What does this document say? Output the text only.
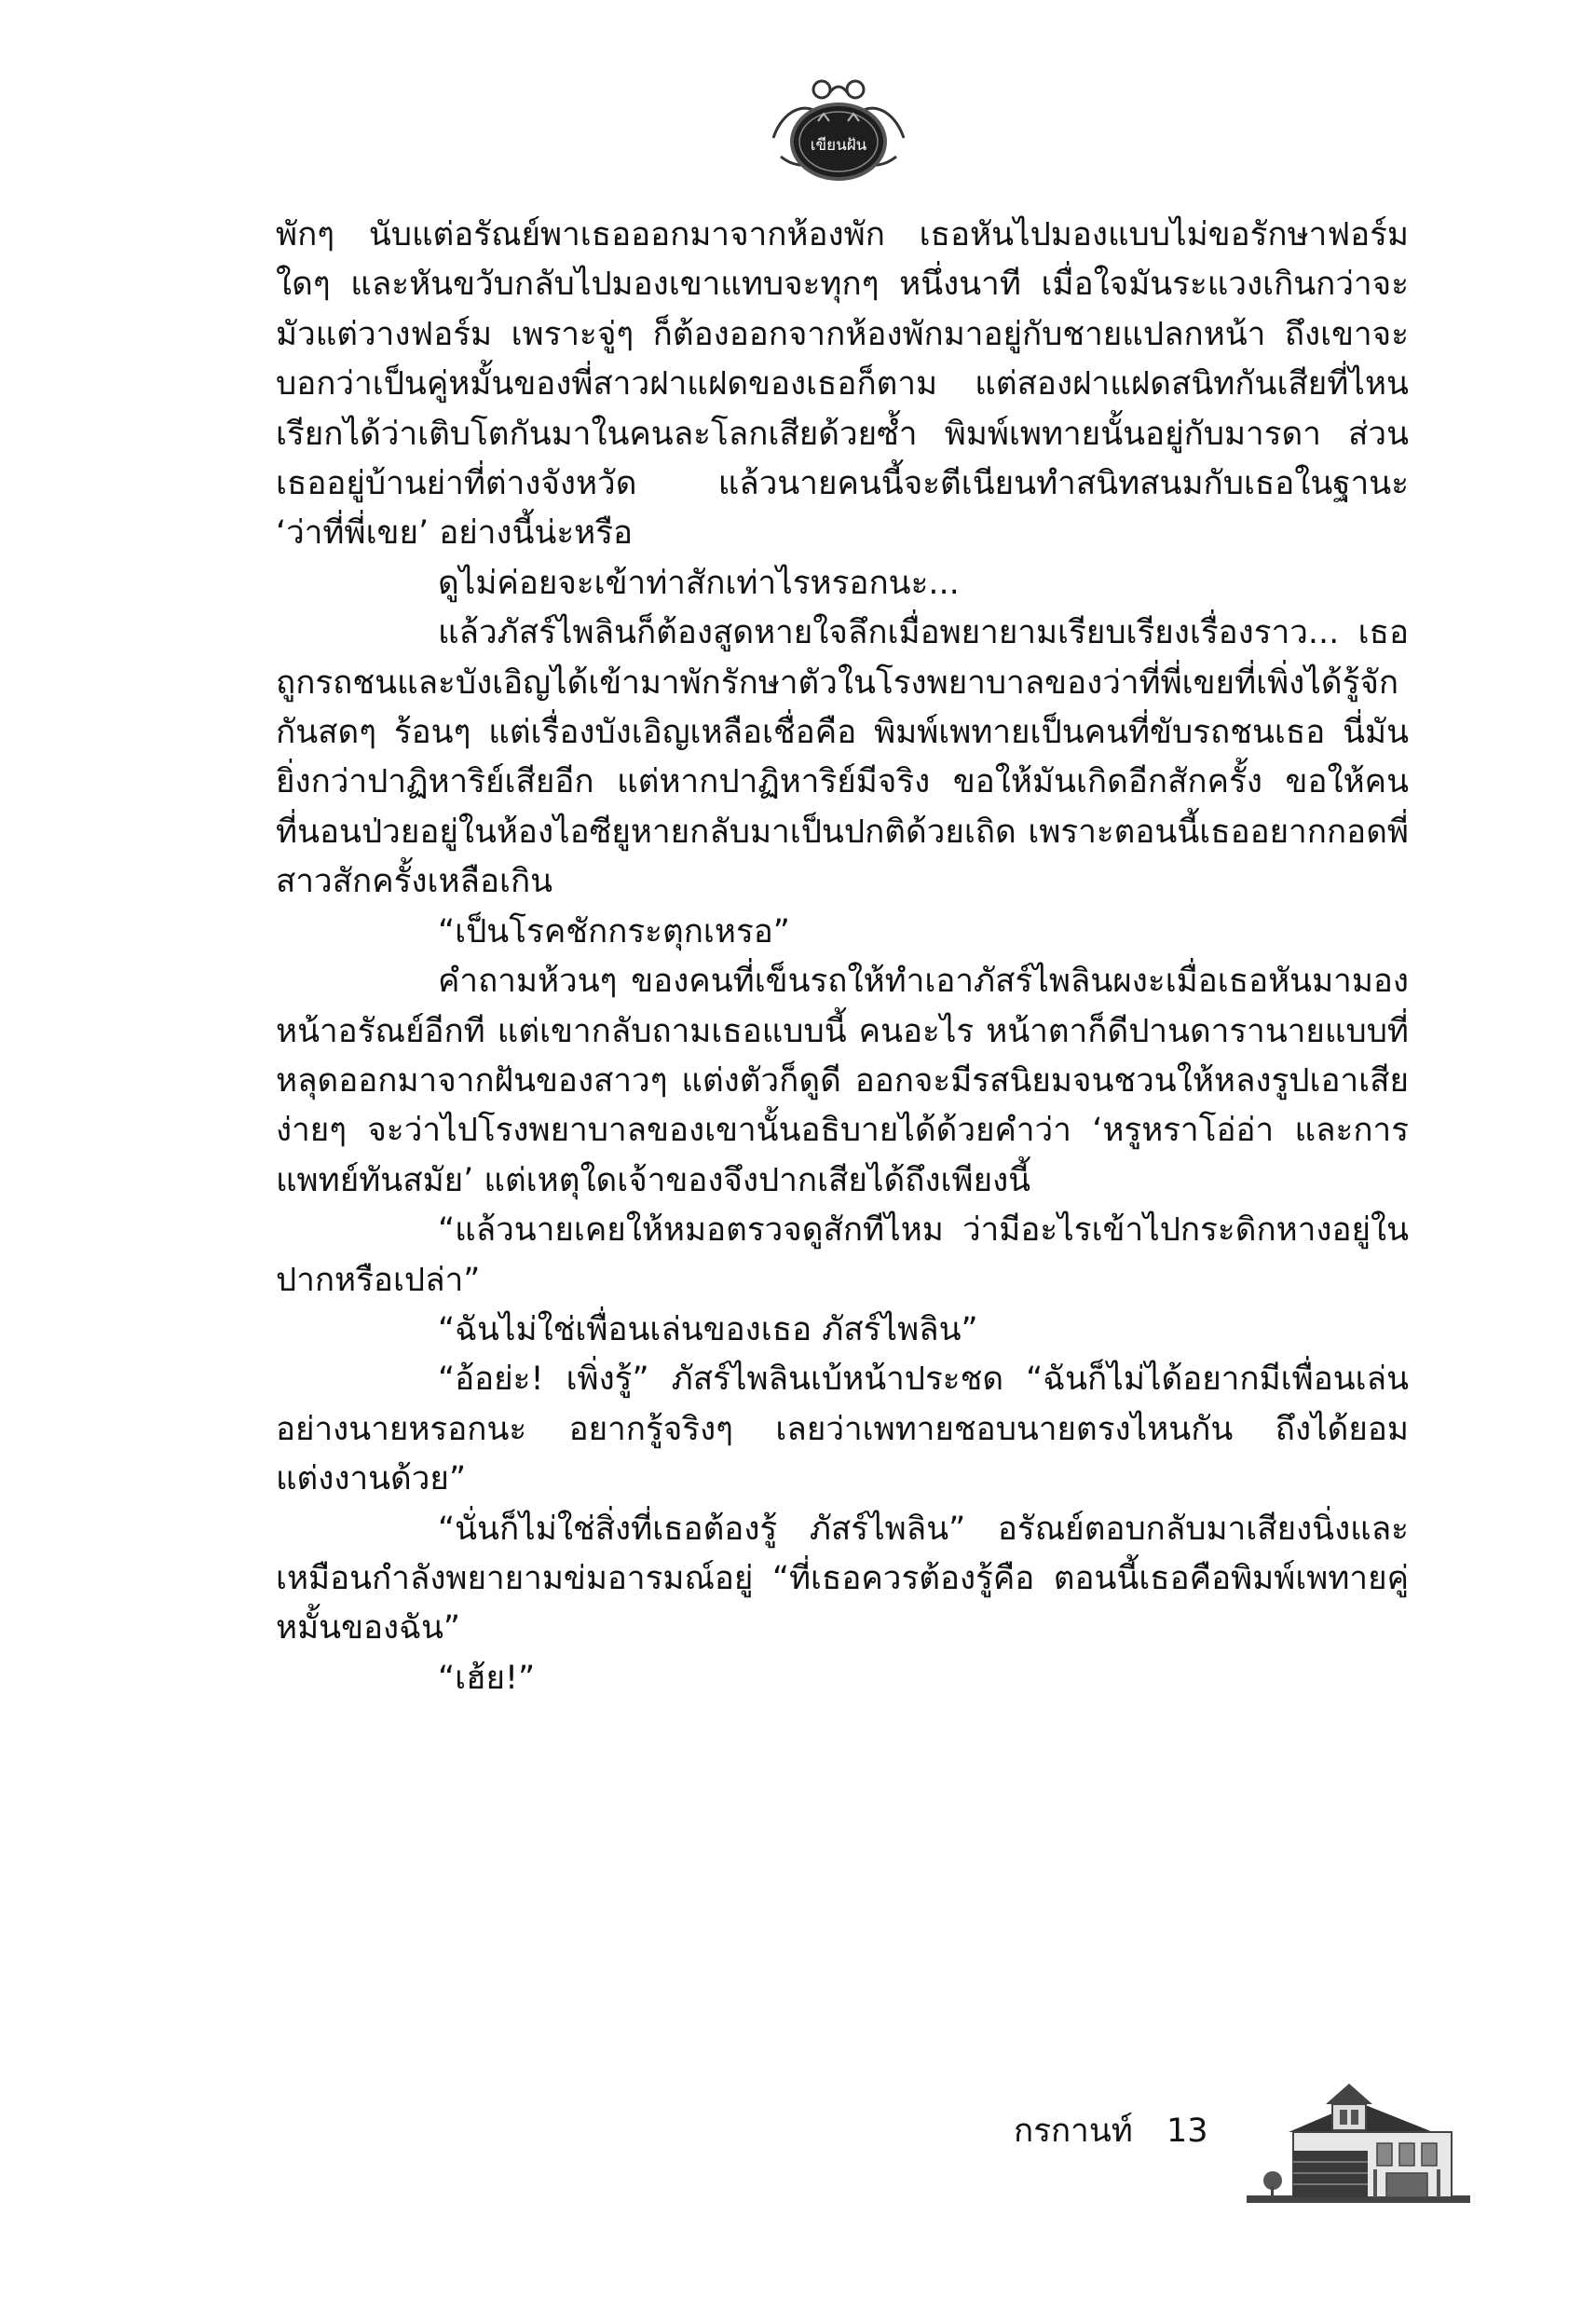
เขียนฝัน

พักๆ นับแต่อรัณย์พาเธอออกมาจากห้องพัก เธอหันไปมองแบบไม่ขอรักษาฟอร์มใดๆ และหันขวับกลับไปมองเขาแทบจะทุกๆ หนึ่งนาที เมื่อใจมันระแวงเกินกว่าจะมัวแต่วางฟอร์ม เพราะจู่ๆ ก็ต้องออกจากห้องพักมาอยู่กับชายแปลกหน้า ถึงเขาจะบอกว่าเป็นคู่หมั้นของพี่สาวฝาแฝดของเธอก็ตาม แต่สองฝาแฝดสนิทกันเสียที่ไหน เรียกได้ว่าเติบโตกันมาในคนละโลกเสียด้วยซ้ำ พิมพ์เพทายนั้นอยู่กับมารดา ส่วนเธออยู่บ้านย่าที่ต่างจังหวัด แล้วนายคนนี้จะตีเนียนทำสนิทสนมกับเธอในฐานะ ‘ว่าที่พี่เขย’ อย่างนี้น่ะหรือ

ดูไม่ค่อยจะเข้าท่าสักเท่าไรหรอกนะ...

แล้วภัสร์ไพลินก็ต้องสูดหายใจลึกเมื่อพยายามเรียบเรียงเรื่องราว... เธอถูกรถชนและบังเอิญได้เข้ามาพักรักษาตัวในโรงพยาบาลของว่าที่พี่เขยที่เพิ่งได้รู้จักกันสดๆ ร้อนๆ แต่เรื่องบังเอิญเหลือเชื่อคือ พิมพ์เพทายเป็นคนที่ขับรถชนเธอ นี่มันยิ่งกว่าปาฏิหาริย์เสียอีก แต่หากปาฏิหาริย์มีจริง ขอให้มันเกิดอีกสักครั้ง ขอให้คนที่นอนป่วยอยู่ในห้องไอซียูหายกลับมาเป็นปกติด้วยเถิด เพราะตอนนี้เธออยากกอดพี่สาวสักครั้งเหลือเกิน

“เป็นโรคชักกระตุกเหรอ”

คำถามห้วนๆ ของคนที่เข็นรถให้ทำเอาภัสร์ไพลินผงะเมื่อเธอหันมามองหน้าอรัณย์อีกที แต่เขากลับถามเธอแบบนี้ คนอะไร หน้าตาก็ดีปานดารานายแบบที่หลุดออกมาจากฝันของสาวๆ แต่งตัวก็ดูดี ออกจะมีรสนิยมจนชวนให้หลงรูปเอาเสียง่ายๆ จะว่าไปโรงพยาบาลของเขานั้นอธิบายได้ด้วยคำว่า ‘หรูหราโอ่อ่า และการแพทย์ทันสมัย’ แต่เหตุใดเจ้าของจึงปากเสียได้ถึงเพียงนี้

“แล้วนายเคยให้หมอตรวจดูสักทีไหม ว่ามีอะไรเข้าไปกระดิกหางอยู่ในปากหรือเปล่า”

“ฉันไม่ใช่เพื่อนเล่นของเธอ ภัสร์ไพลิน”

“อ้อย่ะ! เพิ่งรู้” ภัสร์ไพลินเบ้หน้าประชด “ฉันก็ไม่ได้อยากมีเพื่อนเล่นอย่างนายหรอกนะ อยากรู้จริงๆ เลยว่าเพทายชอบนายตรงไหนกัน ถึงได้ยอมแต่งงานด้วย”

“นั่นก็ไม่ใช่สิ่งที่เธอต้องรู้ ภัสร์ไพลิน” อรัณย์ตอบกลับมาเสียงนิ่งและเหมือนกำลังพยายามข่มอารมณ์อยู่ “ที่เธอควรต้องรู้คือ ตอนนี้เธอคือพิมพ์เพทายคู่หมั้นของฉัน”

“เฮ้ย!”

กรกานท์ 13
